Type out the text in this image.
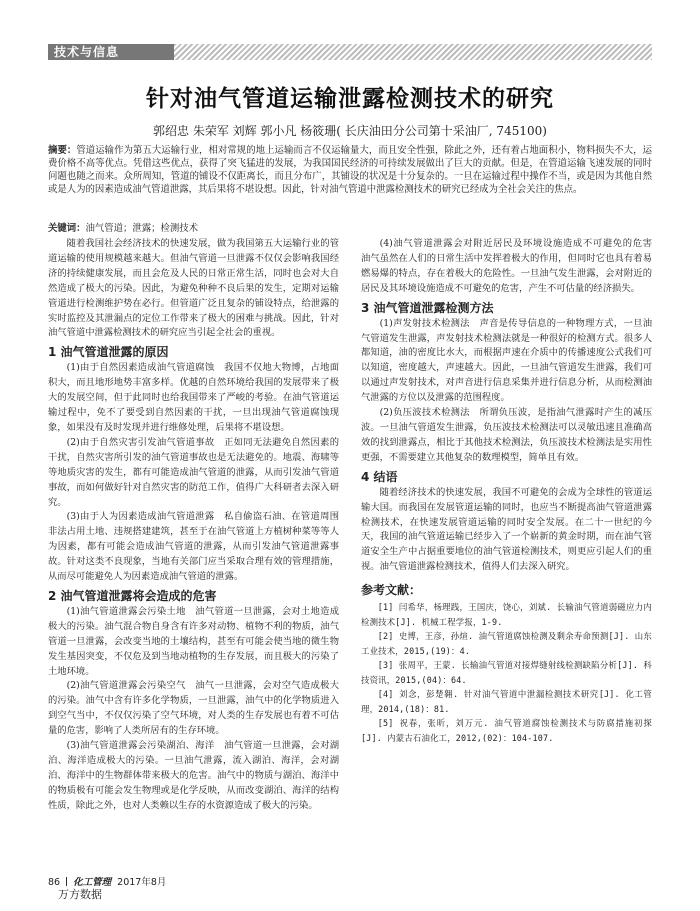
技术与信息
针对油气管道运输泄露检测技术的研究
郭绍忠 朱荣军 刘辉 郭小凡 杨筱珊( 长庆油田分公司第十采油厂, 745100)
摘要：管道运输作为第五大运输行业，相对常规的地上运输而言不仅运输量大，而且安全性强，除此之外，还有着占地面积小，物料损失不大，运费价格不高等优点。凭借这些优点，获得了突飞猛进的发展，为我国国民经济的可持续发展做出了巨大的贡献。但是，在管道运输飞速发展的同时问题也随之而来。众所周知，管道的铺设不仅距离长，而且分布广，其铺设的状况是十分复杂的。一旦在运输过程中操作不当，或是因为其他自然或是人为的因素造成油气管道泄露，其后果将不堪设想。因此，针对油气管道中泄露检测技术的研究已经成为全社会关注的焦点。
关键词：油气管道；泄露；检测技术

随着我国社会经济技术的快速发展，做为我国第五大运输行业的管道运输的使用规模越来越大。但油气管道一旦泄露不仅仅会影响我国经济的持续健康发展，而且会危及人民的日常正常生活，同时也会对大自然造成了极大的污染。因此，为避免种种不良后果的发生，定期对运输管道进行检测维护势在必行。但管道广泛且复杂的铺设特点，给泄露的实时监控及其泄漏点的定位工作带来了极大的困难与挑战。因此，针对油气管道中泄露检测技术的研究应当引起全社会的重视。

1 油气管道泄露的原因

(1)由于自然因素造成油气管道腐蚀　我国不仅地大物博，占地面积大，而且地形地势丰富多样。优越的自然环境给我国的发展带来了极大的发展空间，但于此同时也给我国带来了严峻的考验。在油气管道运输过程中，免不了要受到自然因素的干扰，一旦出现油气管道腐蚀现象，如果没有及时发现并进行维修处理，后果将不堪设想。

(2)由于自然灾害引发油气管道事故　正如同无法避免自然因素的干扰，自然灾害所引发的油气管道事故也是无法避免的。地震、海啸等等地质灾害的发生，都有可能造成油气管道的泄露，从而引发油气管道事故，而如何做好针对自然灾害的防范工作，值得广大科研者去深入研究。

(3)由于人为因素造成油气管道泄露　私自偷盗石油、在管道周围非法占用土地、违规搭建建筑，甚至于在油气管道上方植树种菜等等人为因素，都有可能会造成油气管道的泄露，从而引发油气管道泄露事故。针对这类不良现象，当地有关部门应当采取合理有效的管理措施，从而尽可能避免人为因素造成油气管道的泄露。

2 油气管道泄露将会造成的危害

(1)油气管道泄露会污染土地　油气管道一旦泄露，会对土地造成极大的污染。油气混合物自身含有许多对动物、植物不利的物质，油气管道一旦泄露，会改变当地的土壤结构，甚至有可能会使当地的微生物发生基因突变，不仅危及到当地动植物的生存发展，而且极大的污染了土地环境。

(2)油气管道泄露会污染空气　油气一旦泄露，会对空气造成极大的污染。油气中含有许多化学物质，一旦泄露，油气中的化学物质进入到空气当中，不仅仅污染了空气环境，对人类的生存发展也有着不可估量的危害，影响了人类所居有的生存环境。

(3)油气管道泄露会污染湖泊、海洋　油气管道一旦泄露，会对湖泊、海洋造成极大的污染。一旦油气泄露，流入湖泊、海洋，会对湖泊、海洋中的生物群体带来极大的危害。油气中的物质与湖泊、海洋中的物质极有可能会发生物理或是化学反映，从而改变湖泊、海洋的结构性质，除此之外，也对人类赖以生存的水资源造成了极大的污染。

(4)油气管道泄露会对附近居民及环境设施造成不可避免的危害　油气虽然在人们的日常生活中发挥着极大的作用，但同时它也具有着易燃易爆的特点，存在着极大的危险性。一旦油气发生泄露，会对附近的居民及其环境设施造成不可避免的危害，产生不可估量的经济损失。

3 油气管道泄露检测方法

(1)声发射技术检测法　声音是传导信息的一种物理方式，一旦油气管道发生泄露，声发射技术检测法就是一种很好的检测方式。很多人都知道，油的密度比水大，而根据声速在介质中的传播速度公式我们可以知道，密度越大，声速越大。因此，一旦油气管道发生泄露，我们可以通过声发射技术，对声音进行信息采集并进行信息分析，从而检测油气泄露的方位以及泄露的范围程度。

(2)负压波技术检测法　所谓负压波，是指油气泄露时产生的减压波。一旦油气管道发生泄露，负压波技术检测法可以灵敏迅速且准确高效的找到泄露点，相比于其他技术检测法，负压波技术检测法是实用性更强，不需要建立其他复杂的数理模型，简单且有效。

4 结语

随着经济技术的快速发展，我国不可避免的会成为全球性的管道运输大国。而我国在发展管道运输的同时，也应当不断提高油气管道泄露检测技术，在快速发展管道运输的同时安全发展。在二十一世纪的今天，我国的油气管道运输已经步入了一个崭新的黄金时期，而在油气管道安全生产中占据重要地位的油气管道检测技术，则更应引起人们的重视。油气管道泄露检测技术，值得人们去深入研究。

参考文献：

[1] 闫希华，杨理践，王国庆，饶心，刘斌. 长输油气管道弱磁应力内检测技术[J]. 机械工程学报，1-9.

[2] 史博，王彦，孙煊. 油气管道腐蚀检测及剩余寿命预测[J]. 山东工业技术，2015,(19)：4.

[3] 张周平，王蒙. 长输油气管道对接焊缝射线检测缺陷分析[J]. 科技资讯，2015,(04)：64.

[4] 刘念，彭楚翱. 针对油气管道中泄漏检测技术研究[J]. 化工管理，2014,(18)：81.

[5] 祝春，张昕，刘万元. 油气管道腐蚀检测技术与防腐措施初探[J]. 内蒙古石油化工，2012,(02)：104-107.

86 化工管理 2017年8月
万方数据
